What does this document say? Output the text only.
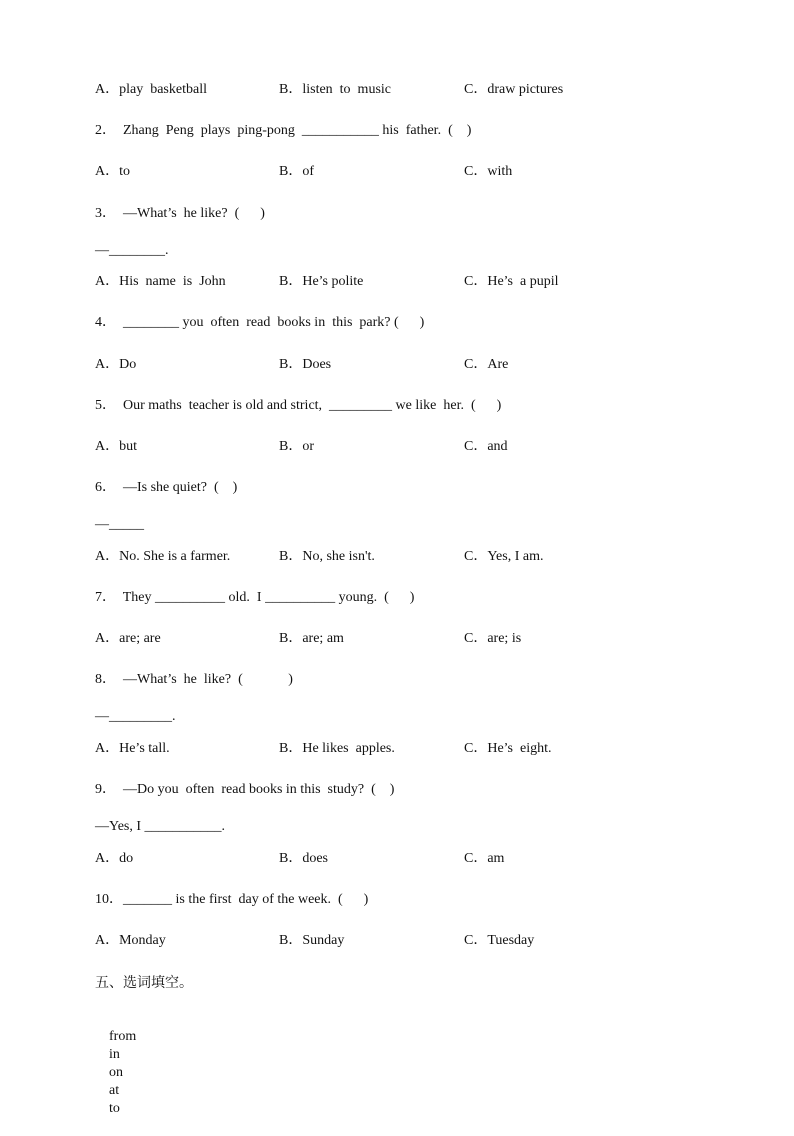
A．play  basketball	B．listen  to  music	C．draw pictures
2．  Zhang  Peng  plays  ping-pong  ___________ his  father.  (    )
A．to	B．of	C．with
3．  —What’s  he like?  (      )
—________.
A．His  name  is  John	B．He’s polite	C．He’s  a pupil
4．  ________ you  often  read  books in  this  park? (      )
A．Do	B．Does	C．Are
5．  Our maths  teacher is old and strict,  _________ we like  her.  (      )
A．but	B．or	C．and
6．  —Is she quiet?  (    )
—_____
A．No. She is a farmer.	B．No, she isn't.	C．Yes, I am.
7．  They __________ old.  I __________ young.  (      )
A．are; are	B．are; am	C．are; is
8．  —What’s  he  like?  (             )
—_________.
A．He’s tall.	B．He likes  apples.	C．He’s  eight.
9．  —Do you  often  read books in this  study?  (    )
—Yes, I ___________.
A．do	B．does	C．am
10．_______ is the first  day of the week.  (      )
A．Monday	B．Sunday	C．Tuesday
五、选词填空。

from
in
on
at
to
